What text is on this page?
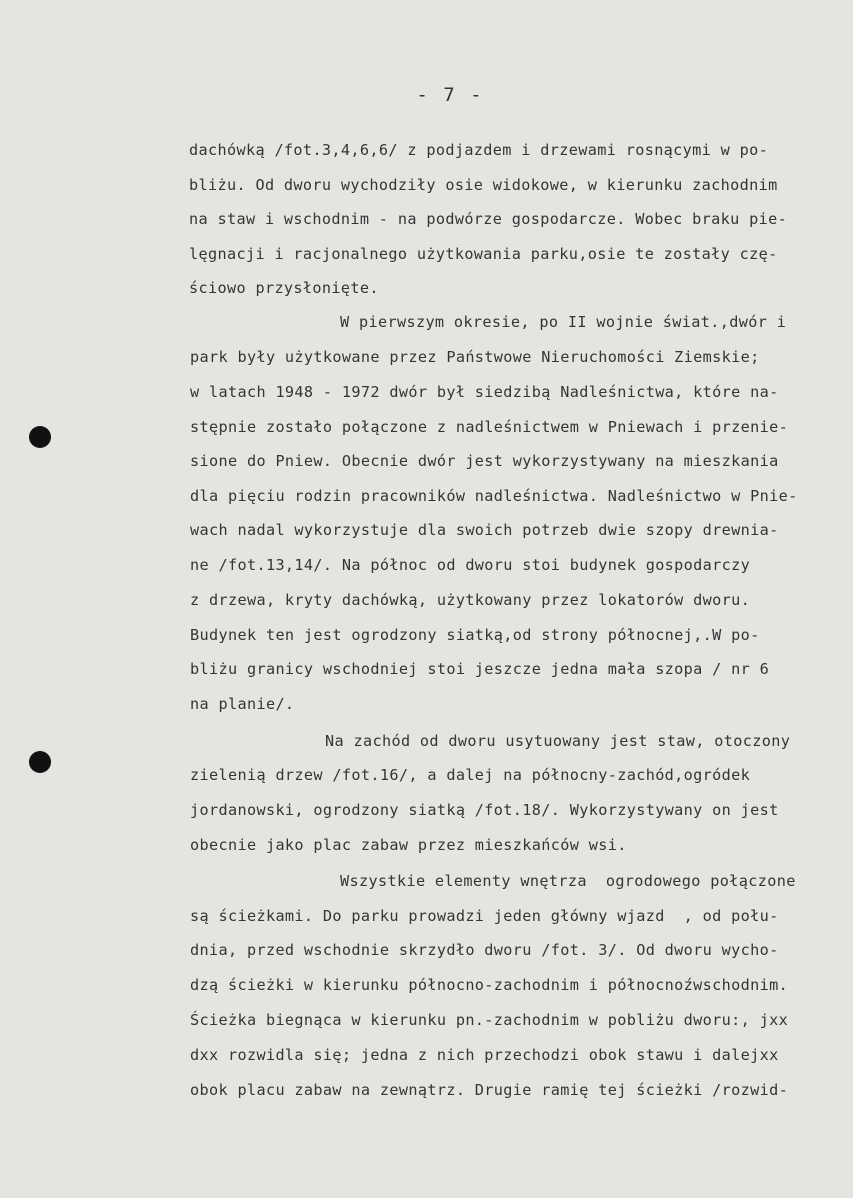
- 7 -
dachówką /fot.3,4,6,6/ z podjazdem i drzewami rosnącymi w po-
bliżu. Od dworu wychodziły osie widokowe, w kierunku zachodnim
na staw i wschodnim - na podwórze gospodarcze. Wobec braku pie-
lęgnacji i racjonalnego użytkowania parku,osie te zostały czę-
ściowo przysłonięte.
W pierwszym okresie, po II wojnie świat.,dwór i
park były użytkowane przez Państwowe Nieruchomości Ziemskie;
w latach 1948 - 1972 dwór był siedzibą Nadleśnictwa, które na-
stępnie zostało połączone z nadleśnictwem w Pniewach i przenie-
sione do Pniew. Obecnie dwór jest wykorzystywany na mieszkania
dla pięciu rodzin pracowników nadleśnictwa. Nadleśnictwo w Pnie-
wach nadal wykorzystuje dla swoich potrzeb dwie szopy drewnia-
ne /fot.13,14/. Na północ od dworu stoi budynek gospodarczy
z drzewa, kryty dachówką, użytkowany przez lokatorów dworu.
Budynek ten jest ogrodzony siatką,od strony północnej,.W po-
bliżu granicy wschodniej stoi jeszcze jedna mała szopa / nr 6
na planie/.
Na zachód od dworu usytuowany jest staw, otoczony
zielenią drzew /fot.16/, a dalej na północny-zachód,ogródek
jordanowski, ogrodzony siatką /fot.18/. Wykorzystywany on jest
obecnie jako plac zabaw przez mieszkańców wsi.
Wszystkie elementy wnętrza  ogrodowego połączone
są ścieżkami. Do parku prowadzi jeden główny wjazd  , od połu-
dnia, przed wschodnie skrzydło dworu /fot. 3/. Od dworu wycho-
dzą ścieżki w kierunku północno-zachodnim i północnoźwschodnim.
Ścieżka biegnąca w kierunku pn.-zachodnim w pobliżu dworu:, jxx
dxx rozwidla się; jedna z nich przechodzi obok stawu i dalejxx
obok placu zabaw na zewnątrz. Drugie ramię tej ścieżki /rozwid-
